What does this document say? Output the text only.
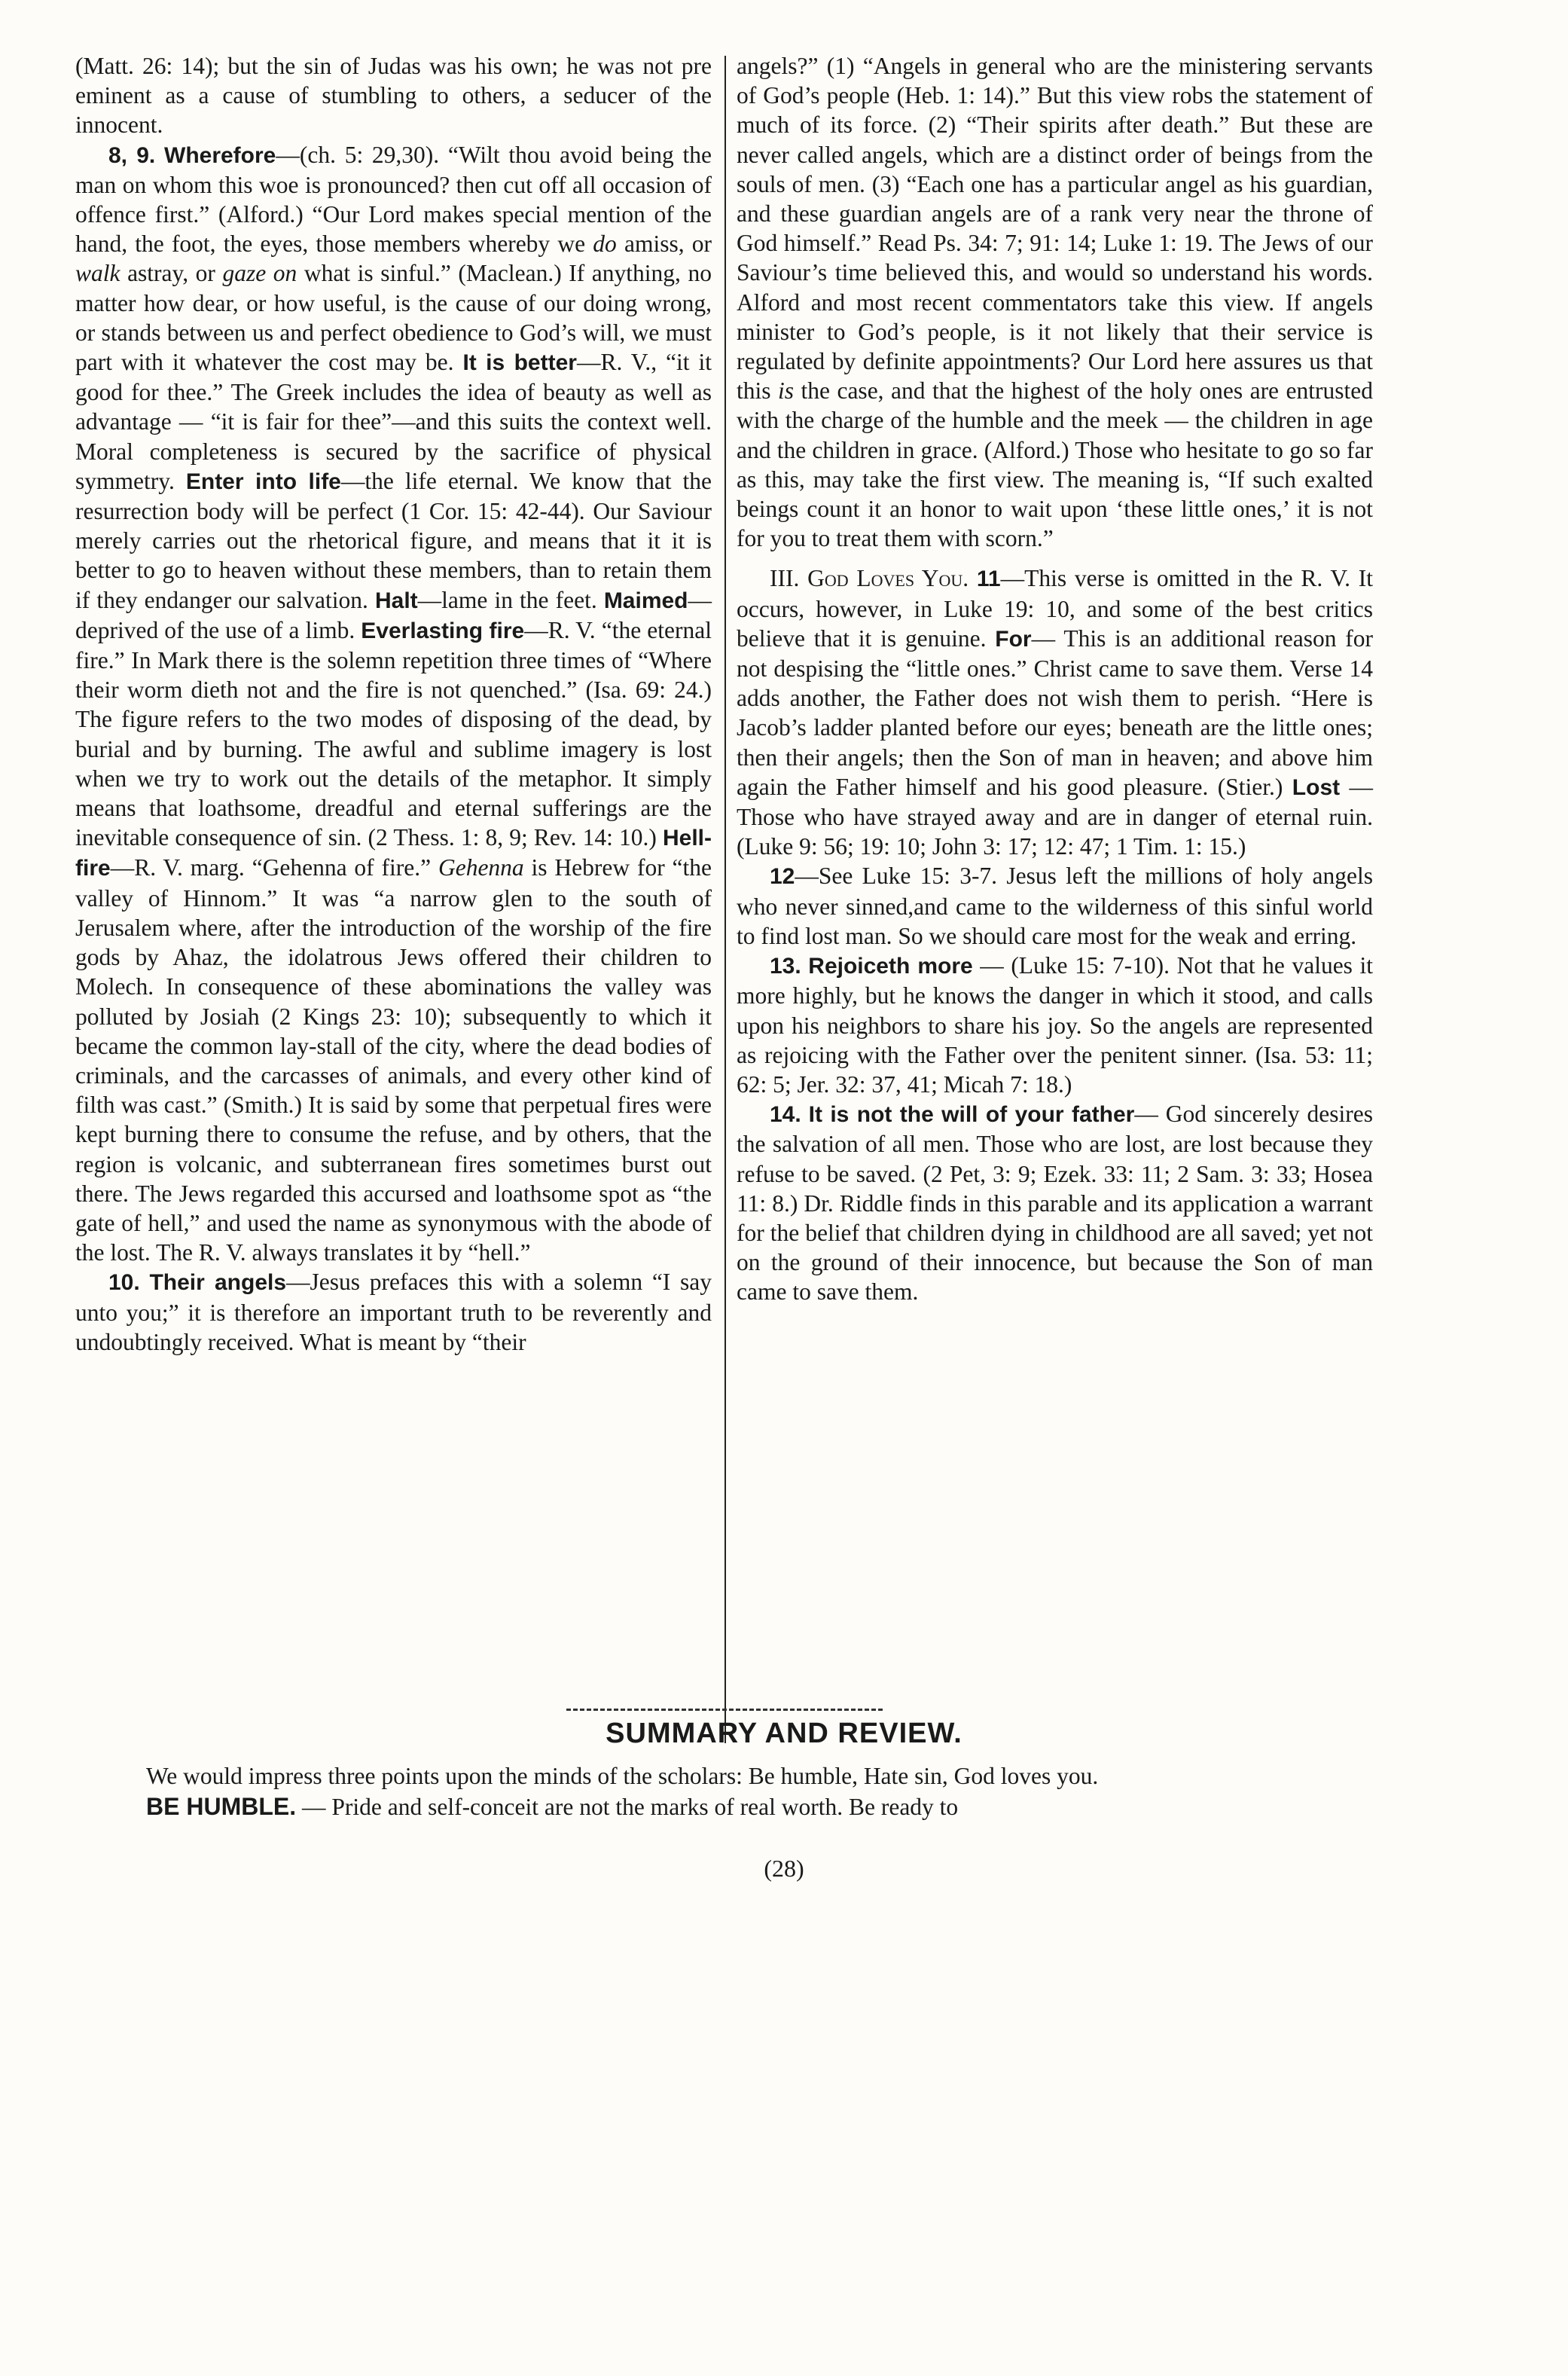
(Matt. 26: 14); but the sin of Judas was his own; he was not pre eminent as a cause of stumbling to others, a seducer of the innocent.

8, 9. Wherefore—(ch. 5: 29,30). “Wilt thou avoid being the man on whom this woe is pronounced? then cut off all occasion of offence first.” (Alford.) “Our Lord makes special mention of the hand, the foot, the eyes, those members whereby we do amiss, or walk astray, or gaze on what is sinful.” (Maclean.) If anything, no matter how dear, or how useful, is the cause of our doing wrong, or stands between us and perfect obedience to God’s will, we must part with it whatever the cost may be. It is better—R. V., “it it good for thee.” The Greek includes the idea of beauty as well as advantage — “it is fair for thee”—and this suits the context well. Moral completeness is secured by the sacrifice of physical symmetry. Enter into life—the life eternal. We know that the resurrection body will be perfect (1 Cor. 15: 42-44). Our Saviour merely carries out the rhetorical figure, and means that it it is better to go to heaven without these members, than to retain them if they endanger our salvation. Halt—lame in the feet. Maimed—deprived of the use of a limb. Everlasting fire—R. V. “the eternal fire.” In Mark there is the solemn repetition three times of “Where their worm dieth not and the fire is not quenched.” (Isa. 69: 24.) The figure refers to the two modes of disposing of the dead, by burial and by burning. The awful and sublime imagery is lost when we try to work out the details of the metaphor. It simply means that loathsome, dreadful and eternal sufferings are the inevitable consequence of sin. (2 Thess. 1: 8, 9; Rev. 14: 10.) Hell-fire—R. V. marg. “Gehenna of fire.” Gehenna is Hebrew for “the valley of Hinnom.” It was “a narrow glen to the south of Jerusalem where, after the introduction of the worship of the fire gods by Ahaz, the idolatrous Jews offered their children to Molech. In consequence of these abominations the valley was polluted by Josiah (2 Kings 23: 10); subsequently to which it became the common lay-stall of the city, where the dead bodies of criminals, and the carcasses of animals, and every other kind of filth was cast.” (Smith.) It is said by some that perpetual fires were kept burning there to consume the refuse, and by others, that the region is volcanic, and subterranean fires sometimes burst out there. The Jews regarded this accursed and loathsome spot as “the gate of hell,” and used the name as synonymous with the abode of the lost. The R. V. always translates it by “hell.”

10. Their angels—Jesus prefaces this with a solemn “I say unto you;” it is therefore an important truth to be reverently and undoubtingly received. What is meant by “their

angels?” (1) “Angels in general who are the ministering servants of God’s people (Heb. 1: 14).” But this view robs the statement of much of its force. (2) “Their spirits after death.” But these are never called angels, which are a distinct order of beings from the souls of men. (3) “Each one has a particular angel as his guardian, and these guardian angels are of a rank very near the throne of God himself.” Read Ps. 34: 7; 91: 14; Luke 1: 19. The Jews of our Saviour’s time believed this, and would so understand his words. Alford and most recent commentators take this view. If angels minister to God’s people, is it not likely that their service is regulated by definite appointments? Our Lord here assures us that this is the case, and that the highest of the holy ones are entrusted with the charge of the humble and the meek — the children in age and the children in grace. (Alford.) Those who hesitate to go so far as this, may take the first view. The meaning is, “If such exalted beings count it an honor to wait upon ‘these little ones,’ it is not for you to treat them with scorn.”

III. God Loves You. 11—This verse is omitted in the R. V. It occurs, however, in Luke 19: 10, and some of the best critics believe that it is genuine. For— This is an additional reason for not despising the “little ones.” Christ came to save them. Verse 14 adds another, the Father does not wish them to perish. “Here is Jacob’s ladder planted before our eyes; beneath are the little ones; then their angels; then the Son of man in heaven; and above him again the Father himself and his good pleasure. (Stier.) Lost — Those who have strayed away and are in danger of eternal ruin. (Luke 9: 56; 19: 10; John 3: 17; 12: 47; 1 Tim. 1: 15.)

12—See Luke 15: 3-7. Jesus left the millions of holy angels who never sinned,and came to the wilderness of this sinful world to find lost man. So we should care most for the weak and erring.

13. Rejoiceth more — (Luke 15: 7-10). Not that he values it more highly, but he knows the danger in which it stood, and calls upon his neighbors to share his joy. So the angels are represented as rejoicing with the Father over the penitent sinner. (Isa. 53: 11; 62: 5; Jer. 32: 37, 41; Micah 7: 18.)

14. It is not the will of your father— God sincerely desires the salvation of all men. Those who are lost, are lost because they refuse to be saved. (2 Pet, 3: 9; Ezek. 33: 11; 2 Sam. 3: 33; Hosea 11: 8.) Dr. Riddle finds in this parable and its application a warrant for the belief that children dying in childhood are all saved; yet not on the ground of their innocence, but because the Son of man came to save them.

SUMMARY AND REVIEW.

We would impress three points upon the minds of the scholars: Be humble, Hate sin, God loves you.

BE HUMBLE. — Pride and self-conceit are not the marks of real worth. Be ready to

(28)
